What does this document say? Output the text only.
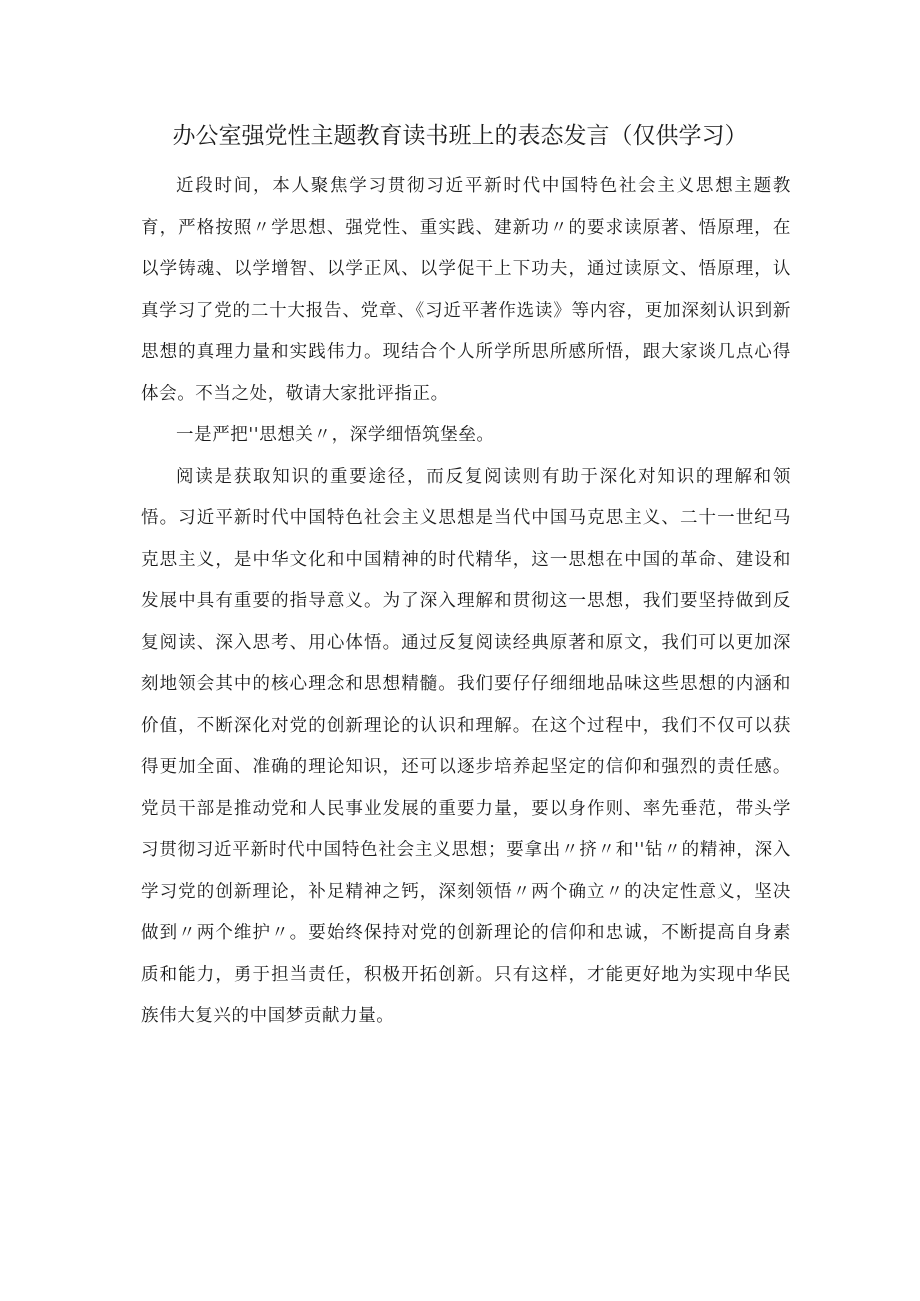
办公室强党性主题教育读书班上的表态发言（仅供学习）

近段时间，本人聚焦学习贯彻习近平新时代中国特色社会主义思想主题教育，严格按照〃学思想、强党性、重实践、建新功〃的要求读原著、悟原理，在以学铸魂、以学增智、以学正风、以学促干上下功夫，通过读原文、悟原理，认真学习了党的二十大报告、党章、《习近平著作选读》等内容，更加深刻认识到新思想的真理力量和实践伟力。现结合个人所学所思所感所悟，跟大家谈几点心得体会。不当之处，敬请大家批评指正。

一是严把''思想关〃，深学细悟筑堡垒。

阅读是获取知识的重要途径，而反复阅读则有助于深化对知识的理解和领悟。习近平新时代中国特色社会主义思想是当代中国马克思主义、二十一世纪马克思主义，是中华文化和中国精神的时代精华，这一思想在中国的革命、建设和发展中具有重要的指导意义。为了深入理解和贯彻这一思想，我们要坚持做到反复阅读、深入思考、用心体悟。通过反复阅读经典原著和原文，我们可以更加深刻地领会其中的核心理念和思想精髓。我们要仔仔细细地品味这些思想的内涵和价值，不断深化对党的创新理论的认识和理解。在这个过程中，我们不仅可以获得更加全面、准确的理论知识，还可以逐步培养起坚定的信仰和强烈的责任感。党员干部是推动党和人民事业发展的重要力量，要以身作则、率先垂范，带头学习贯彻习近平新时代中国特色社会主义思想；要拿出〃挤〃和''钻〃的精神，深入学习党的创新理论，补足精神之钙，深刻领悟〃两个确立〃的决定性意义，坚决做到〃两个维护〃。要始终保持对党的创新理论的信仰和忠诚，不断提高自身素质和能力，勇于担当责任，积极开拓创新。只有这样，才能更好地为实现中华民族伟大复兴的中国梦贡献力量。
